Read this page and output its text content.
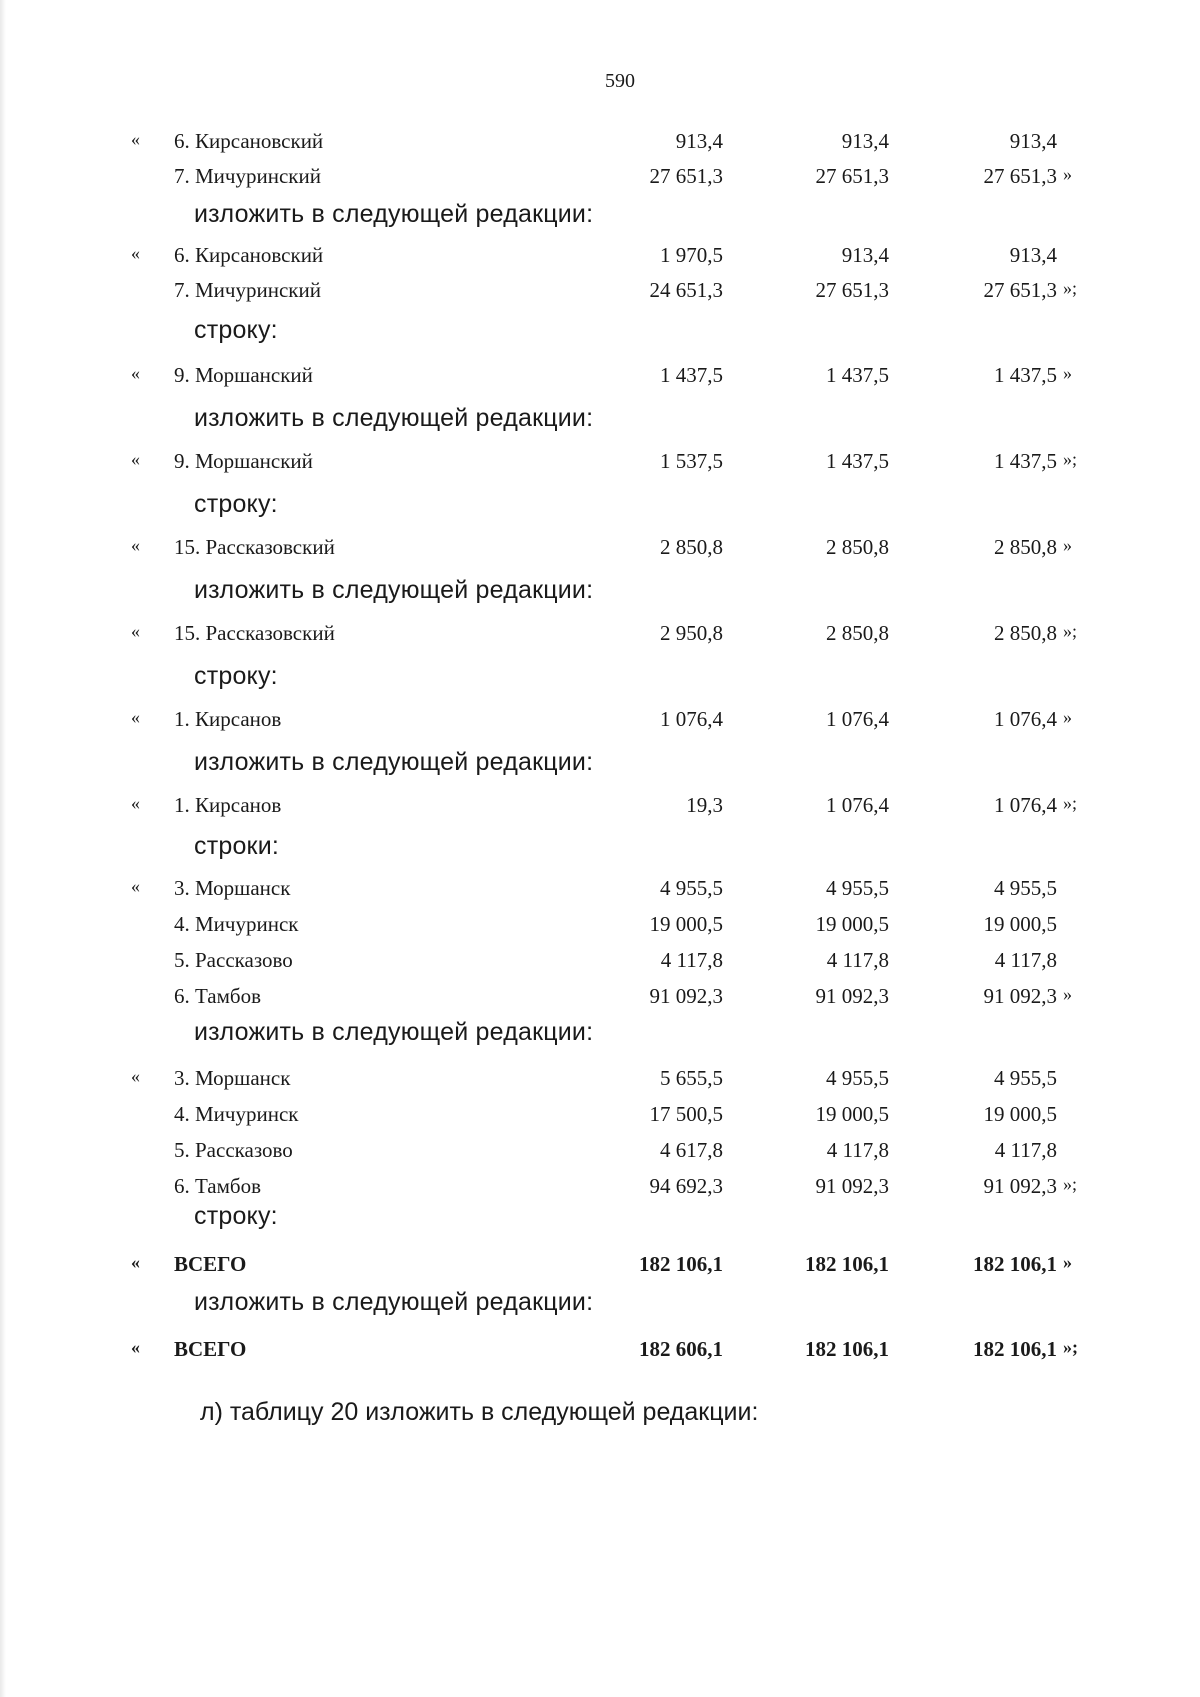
590
« 6. Кирсановский	913,4	913,4	913,4
7. Мичуринский	27 651,3	27 651,3	27 651,3 »
изложить в следующей редакции:
« 6. Кирсановский	1 970,5	913,4	913,4
7. Мичуринский	24 651,3	27 651,3	27 651,3 »;
строку:
« 9. Моршанский	1 437,5	1 437,5	1 437,5 »
изложить в следующей редакции:
« 9. Моршанский	1 537,5	1 437,5	1 437,5 »;
строку:
« 15. Рассказовский	2 850,8	2 850,8	2 850,8 »
изложить в следующей редакции:
« 15. Рассказовский	2 950,8	2 850,8	2 850,8 »;
строку:
« 1. Кирсанов	1 076,4	1 076,4	1 076,4 »
изложить в следующей редакции:
« 1. Кирсанов	19,3	1 076,4	1 076,4 »;
строки:
« 3. Моршанск	4 955,5	4 955,5	4 955,5
4. Мичуринск	19 000,5	19 000,5	19 000,5
5. Рассказово	4 117,8	4 117,8	4 117,8
6. Тамбов	91 092,3	91 092,3	91 092,3 »
изложить в следующей редакции:
« 3. Моршанск	5 655,5	4 955,5	4 955,5
4. Мичуринск	17 500,5	19 000,5	19 000,5
5. Рассказово	4 617,8	4 117,8	4 117,8
6. Тамбов	94 692,3	91 092,3	91 092,3 »;
строку:
« ВСЕГО	182 106,1	182 106,1	182 106,1 »
изложить в следующей редакции:
« ВСЕГО	182 606,1	182 106,1	182 106,1 »;
л) таблицу 20 изложить в следующей редакции:
